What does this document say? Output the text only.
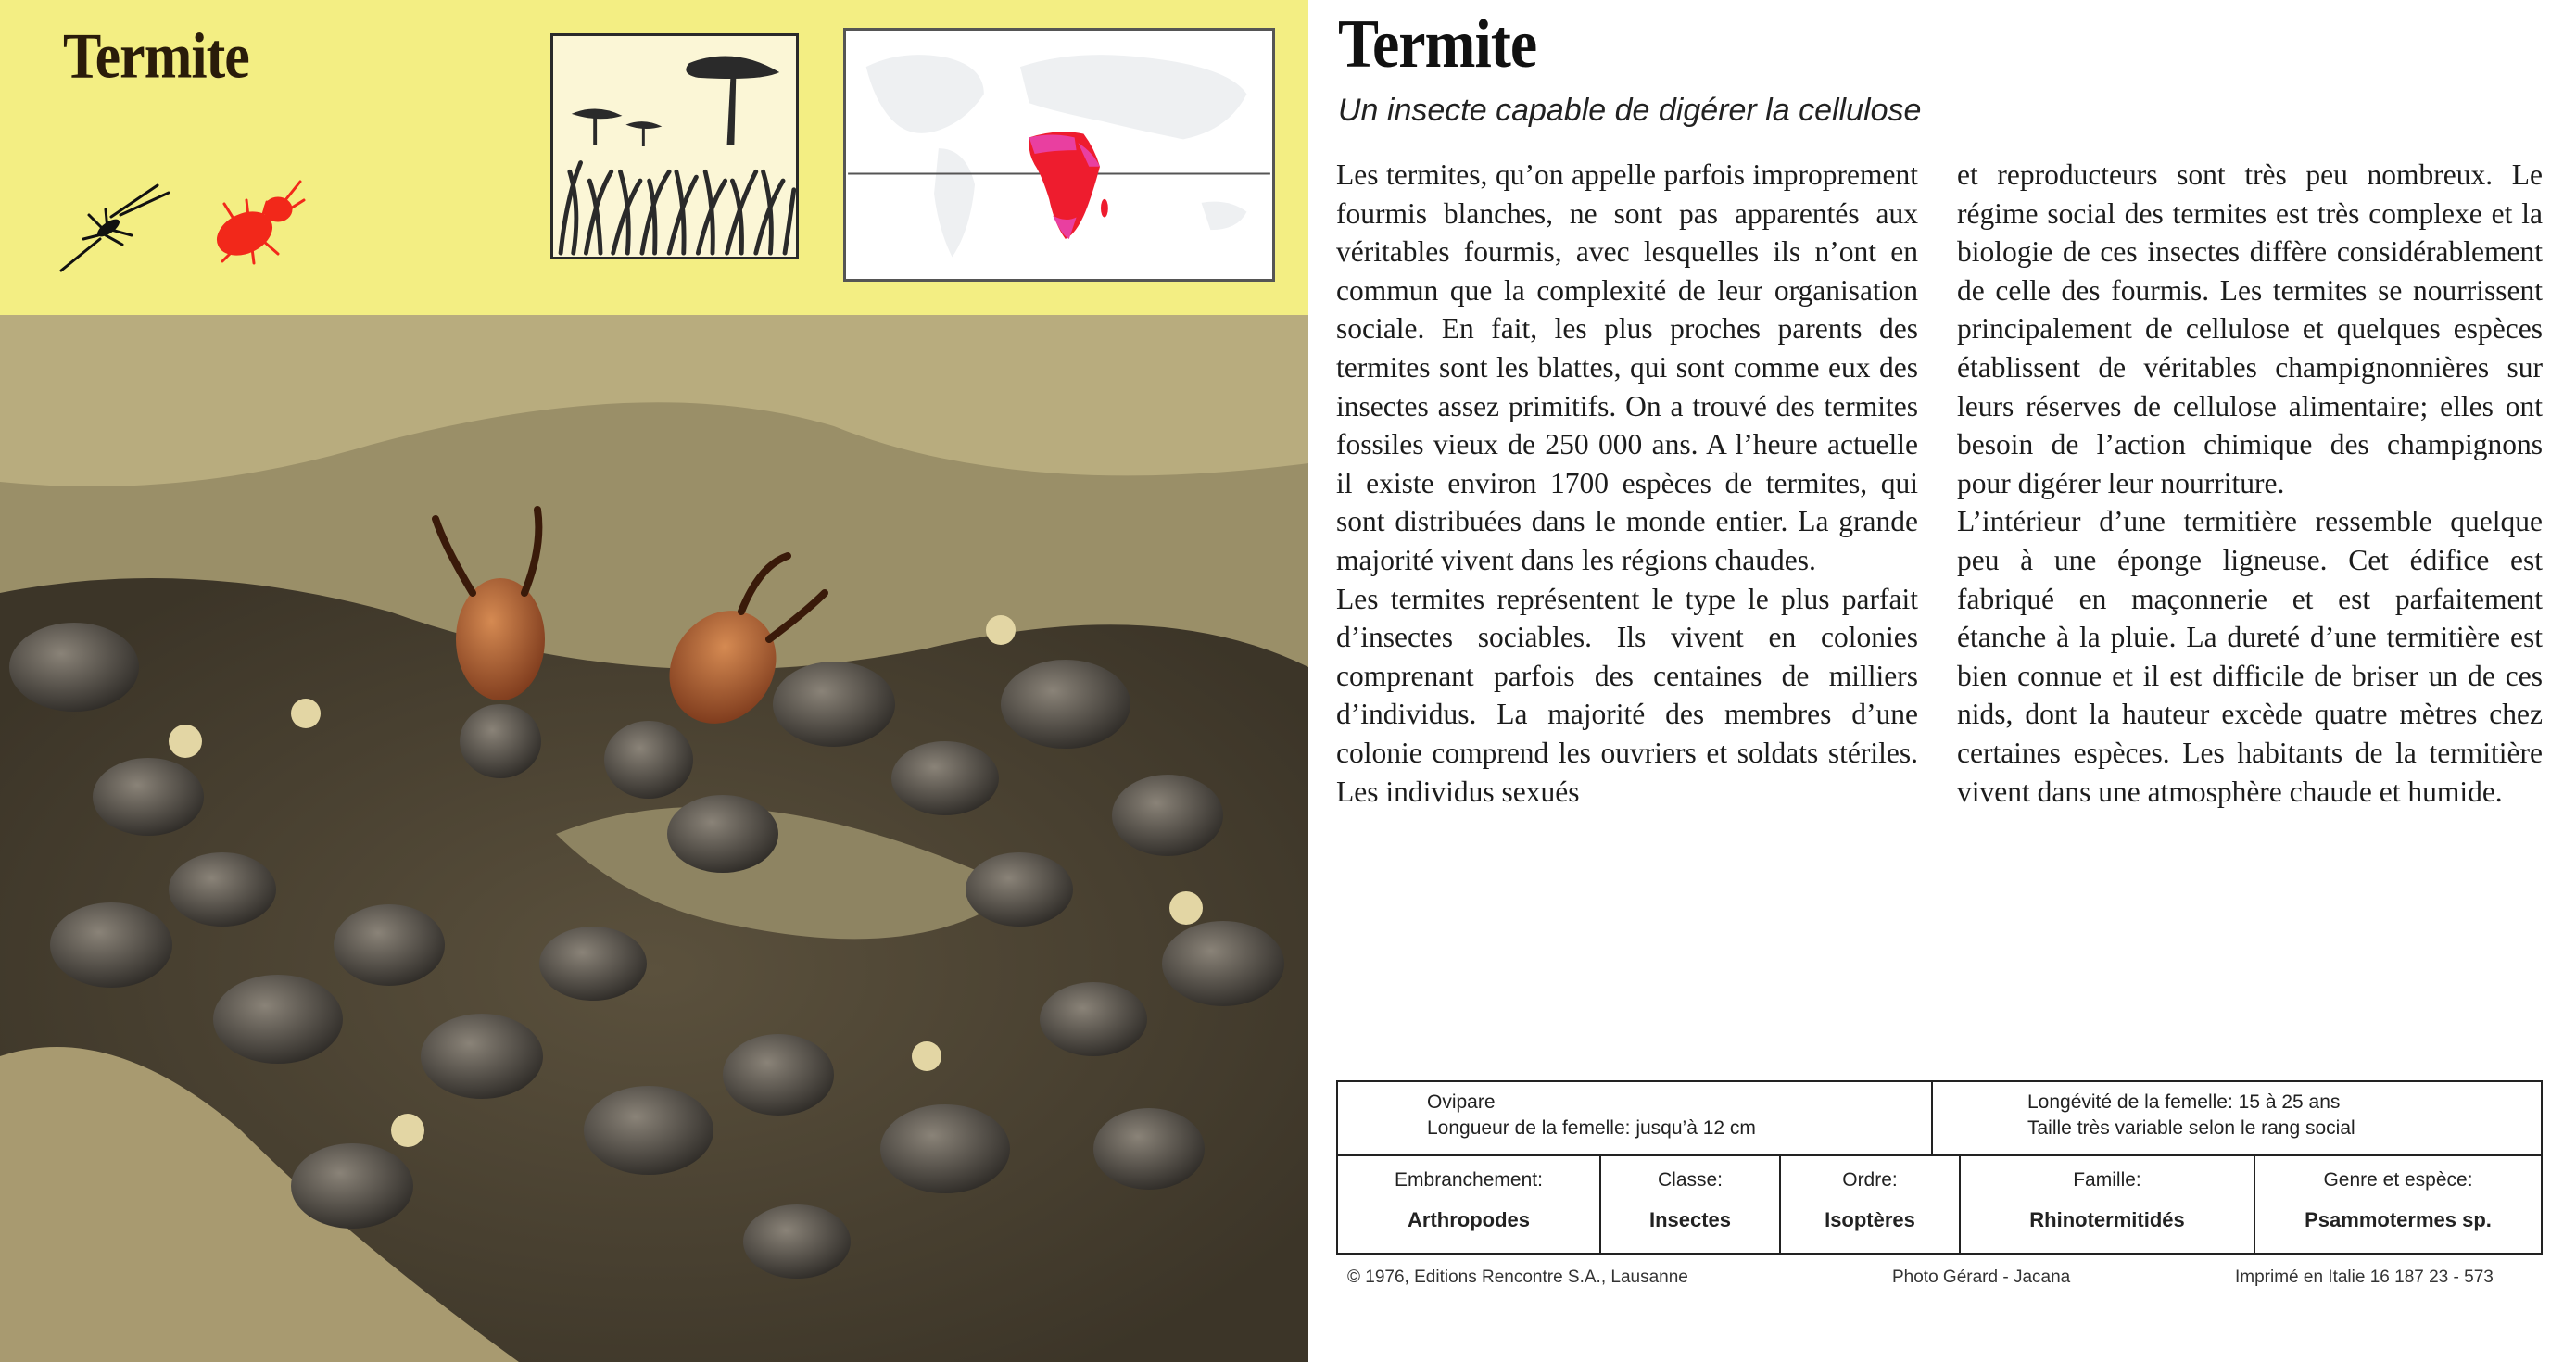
Termite	Termite
Un insecte capable de digérer la cellulose

Les termites, qu’on appelle parfois improprement fourmis blanches, ne sont pas apparentés aux véritables fourmis, avec lesquelles ils n’ont en commun que la complexité de leur organisation sociale. En fait, les plus proches parents des termites sont les blattes, qui sont comme eux des insectes assez primitifs. On a trouvé des termites fossiles vieux de 250 000 ans. A l’heure actuelle il existe environ 1700 espèces de termites, qui sont distribuées dans le monde entier. La grande majorité vivent dans les régions chaudes.

Les termites représentent le type le plus parfait d’insectes sociables. Ils vivent en colonies comprenant parfois des centaines de milliers d’individus. La majorité des membres d’une colonie comprend les ouvriers et soldats stériles. Les individus sexués

et reproducteurs sont très peu nombreux. Le régime social des termites est très complexe et la biologie de ces insectes diffère considérablement de celle des fourmis. Les termites se nourrissent principalement de cellulose et quelques espèces établissent de véritables champignonnières sur leurs réserves de cellulose alimentaire; elles ont besoin de l’action chimique des champignons pour digérer leur nourriture.

L’intérieur d’une termitière ressemble quelque peu à une éponge ligneuse. Cet édifice est fabriqué en maçonnerie et est parfaitement étanche à la pluie. La dureté d’une termitière est bien connue et il est difficile de briser un de ces nids, dont la hauteur excède quatre mètres chez certaines espèces. Les habitants de la termitière vivent dans une atmosphère chaude et humide.

Ovipare
Longueur de la femelle: jusqu’à 12 cm
Longévité de la femelle: 15 à 25 ans
Taille très variable selon le rang social
Embranchement:
Arthropodes
Classe:
Insectes
Ordre:
Isoptères
Famille:
Rhinotermitidés
Genre et espèce:
Psammotermes sp.
© 1976, Editions Rencontre S.A., Lausanne	Photo Gérard - Jacana	Imprimé en Italie 16 187 23 - 573
